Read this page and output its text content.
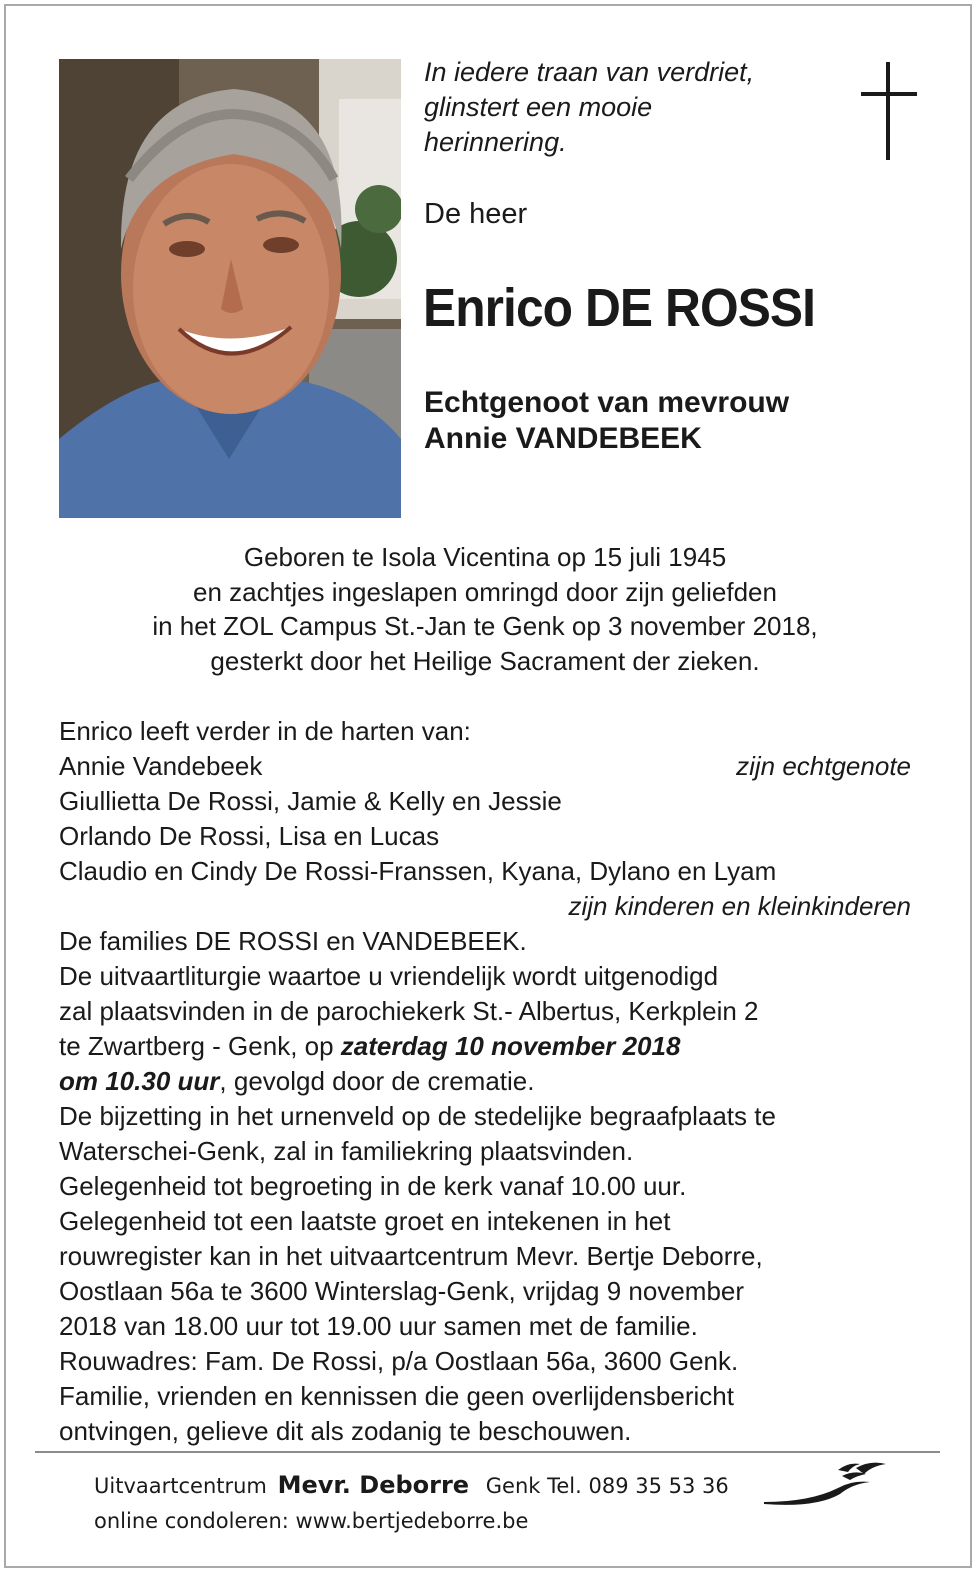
In iedere traan van verdriet,
glinstert een mooie
herinnering.

De heer

Enrico DE ROSSI

Echtgenoot van mevrouw
Annie VANDEBEEK

Geboren te Isola Vicentina op 15 juli 1945
en zachtjes ingeslapen omringd door zijn geliefden
in het ZOL Campus St.-Jan te Genk op 3 november 2018,
gesterkt door het Heilige Sacrament der zieken.
Enrico leeft verder in de harten van:
Annie Vandebeek	zijn echtgenote
Giullietta De Rossi, Jamie & Kelly en Jessie
Orlando De Rossi, Lisa en Lucas
Claudio en Cindy De Rossi-Franssen, Kyana, Dylano en Lyam
zijn kinderen en kleinkinderen
De families DE ROSSI en VANDEBEEK.
De uitvaartliturgie waartoe u vriendelijk wordt uitgenodigd
zal plaatsvinden in de parochiekerk St.- Albertus, Kerkplein 2
te Zwartberg - Genk, op zaterdag 10 november 2018
om 10.30 uur, gevolgd door de crematie.
De bijzetting in het urnenveld op de stedelijke begraafplaats te
Waterschei-Genk, zal in familiekring plaatsvinden.
Gelegenheid tot begroeting in de kerk vanaf 10.00 uur.
Gelegenheid tot een laatste groet en intekenen in het
rouwregister kan in het uitvaartcentrum Mevr. Bertje Deborre,
Oostlaan 56a te 3600 Winterslag-Genk, vrijdag 9 november
2018 van 18.00 uur tot 19.00 uur samen met de familie.
Rouwadres: Fam. De Rossi, p/a Oostlaan 56a, 3600 Genk.
Familie, vrienden en kennissen die geen overlijdensbericht
ontvingen, gelieve dit als zodanig te beschouwen.
Uitvaartcentrum Mevr. Deborre Genk Tel. 089 35 53 36
online condoleren: www.bertjedeborre.be
